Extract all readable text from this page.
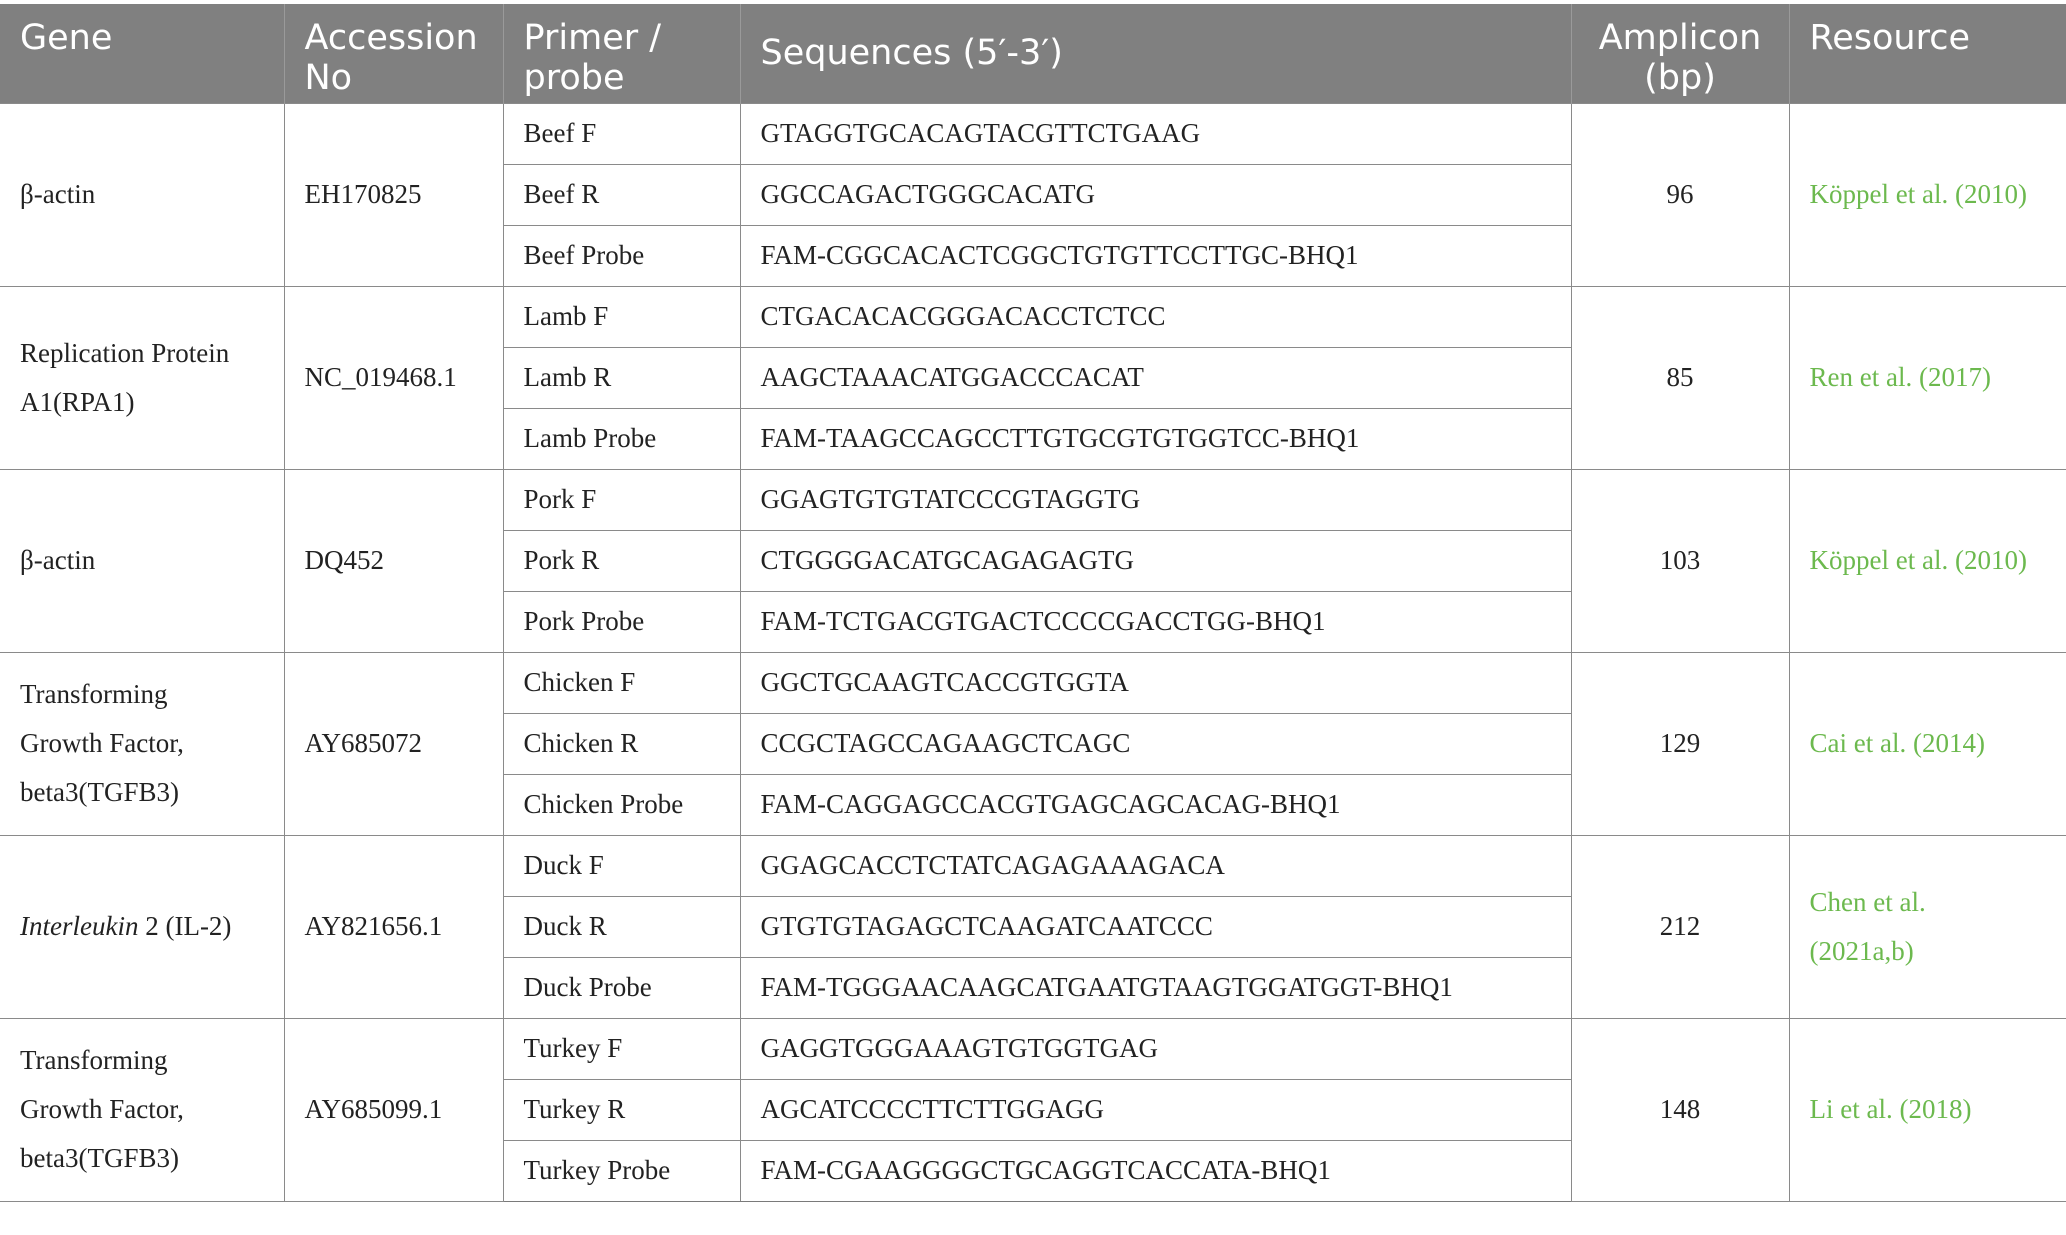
Gene	Accession No	Primer / probe	Sequences (5′-3′)	Amplicon (bp)	Resource
β-actin	EH170825	Beef F	GTAGGTGCACAGTACGTTCTGAAG	96	Köppel et al. (2010)
		Beef R	GGCCAGACTGGGCACATG		
		Beef Probe	FAM-CGGCACACTCGGCTGTGTTCCTTGC-BHQ1		
Replication Protein
A1(RPA1)	NC_019468.1	Lamb F	CTGACACACGGGACACCTCTCC	85	Ren et al. (2017)
		Lamb R	AAGCTAAACATGGACCCACAT		
		Lamb Probe	FAM-TAAGCCAGCCTTGTGCGTGTGGTCC-BHQ1		
β-actin	DQ452	Pork F	GGAGTGTGTATCCCGTAGGTG	103	Köppel et al. (2010)
		Pork R	CTGGGGACATGCAGAGAGTG		
		Pork Probe	FAM-TCTGACGTGACTCCCCGACCTGG-BHQ1		
Transforming
Growth Factor,
beta3(TGFB3)	AY685072	Chicken F	GGCTGCAAGTCACCGTGGTA	129	Cai et al. (2014)
		Chicken R	CCGCTAGCCAGAAGCTCAGC		
		Chicken Probe	FAM-CAGGAGCCACGTGAGCAGCACAG-BHQ1		
Interleukin 2 (IL-2)	AY821656.1	Duck F	GGAGCACCTCTATCAGAGAAAGACA	212	Chen et al.
(2021a,b)
		Duck R	GTGTGTAGAGCTCAAGATCAATCCC		
		Duck Probe	FAM-TGGGAACAAGCATGAATGTAAGTGGATGGT-BHQ1		
Transforming
Growth Factor,
beta3(TGFB3)	AY685099.1	Turkey F	GAGGTGGGAAAGTGTGGTGAG	148	Li et al. (2018)
		Turkey R	AGCATCCCCTTCTTGGAGG		
		Turkey Probe	FAM-CGAAGGGGCTGCAGGTCACCATA-BHQ1		
